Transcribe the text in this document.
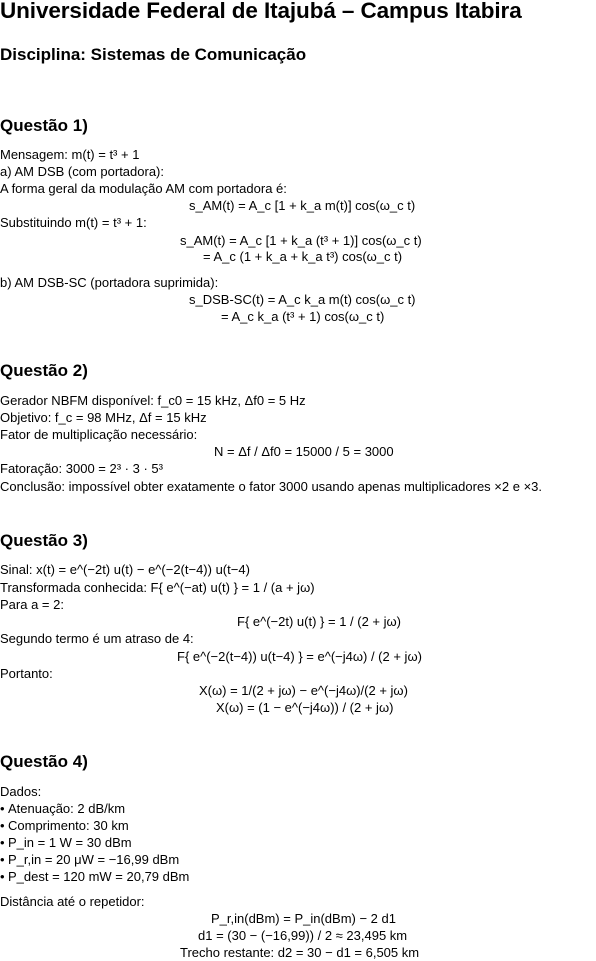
Universidade Federal de Itajubá – Campus Itabira
Disciplina: Sistemas de Comunicação
Questão 1)
Mensagem: m(t) = t³ + 1
a) AM DSB (com portadora):
A forma geral da modulação AM com portadora é:
s_AM(t) = A_c [1 + k_a m(t)] cos(ω_c t)
Substituindo m(t) = t³ + 1:
s_AM(t) = A_c [1 + k_a (t³ + 1)] cos(ω_c t)
= A_c (1 + k_a + k_a t³) cos(ω_c t)
b) AM DSB-SC (portadora suprimida):
s_DSB-SC(t) = A_c k_a m(t) cos(ω_c t)
= A_c k_a (t³ + 1) cos(ω_c t)
Questão 2)
Gerador NBFM disponível: f_c0 = 15 kHz, Δf0 = 5 Hz
Objetivo: f_c = 98 MHz, Δf = 15 kHz
Fator de multiplicação necessário:
N = Δf / Δf0 = 15000 / 5 = 3000
Fatoração: 3000 = 2³ · 3 · 5³
Conclusão: impossível obter exatamente o fator 3000 usando apenas multiplicadores ×2 e ×3.
Questão 3)
Sinal: x(t) = e^(−2t) u(t) − e^(−2(t−4)) u(t−4)
Transformada conhecida: F{ e^(−at) u(t) } = 1 / (a + jω)
Para a = 2:
F{ e^(−2t) u(t) } = 1 / (2 + jω)
Segundo termo é um atraso de 4:
F{ e^(−2(t−4)) u(t−4) } = e^(−j4ω) / (2 + jω)
Portanto:
X(ω) = 1/(2 + jω) − e^(−j4ω)/(2 + jω)
X(ω) = (1 − e^(−j4ω)) / (2 + jω)
Questão 4)
Dados:
• Atenuação: 2 dB/km
• Comprimento: 30 km
• P_in = 1 W = 30 dBm
• P_r,in = 20 μW = −16,99 dBm
• P_dest = 120 mW = 20,79 dBm
Distância até o repetidor:
P_r,in(dBm) = P_in(dBm) − 2 d1
d1 = (30 − (−16,99)) / 2 ≈ 23,495 km
Trecho restante: d2 = 30 − d1 = 6,505 km
